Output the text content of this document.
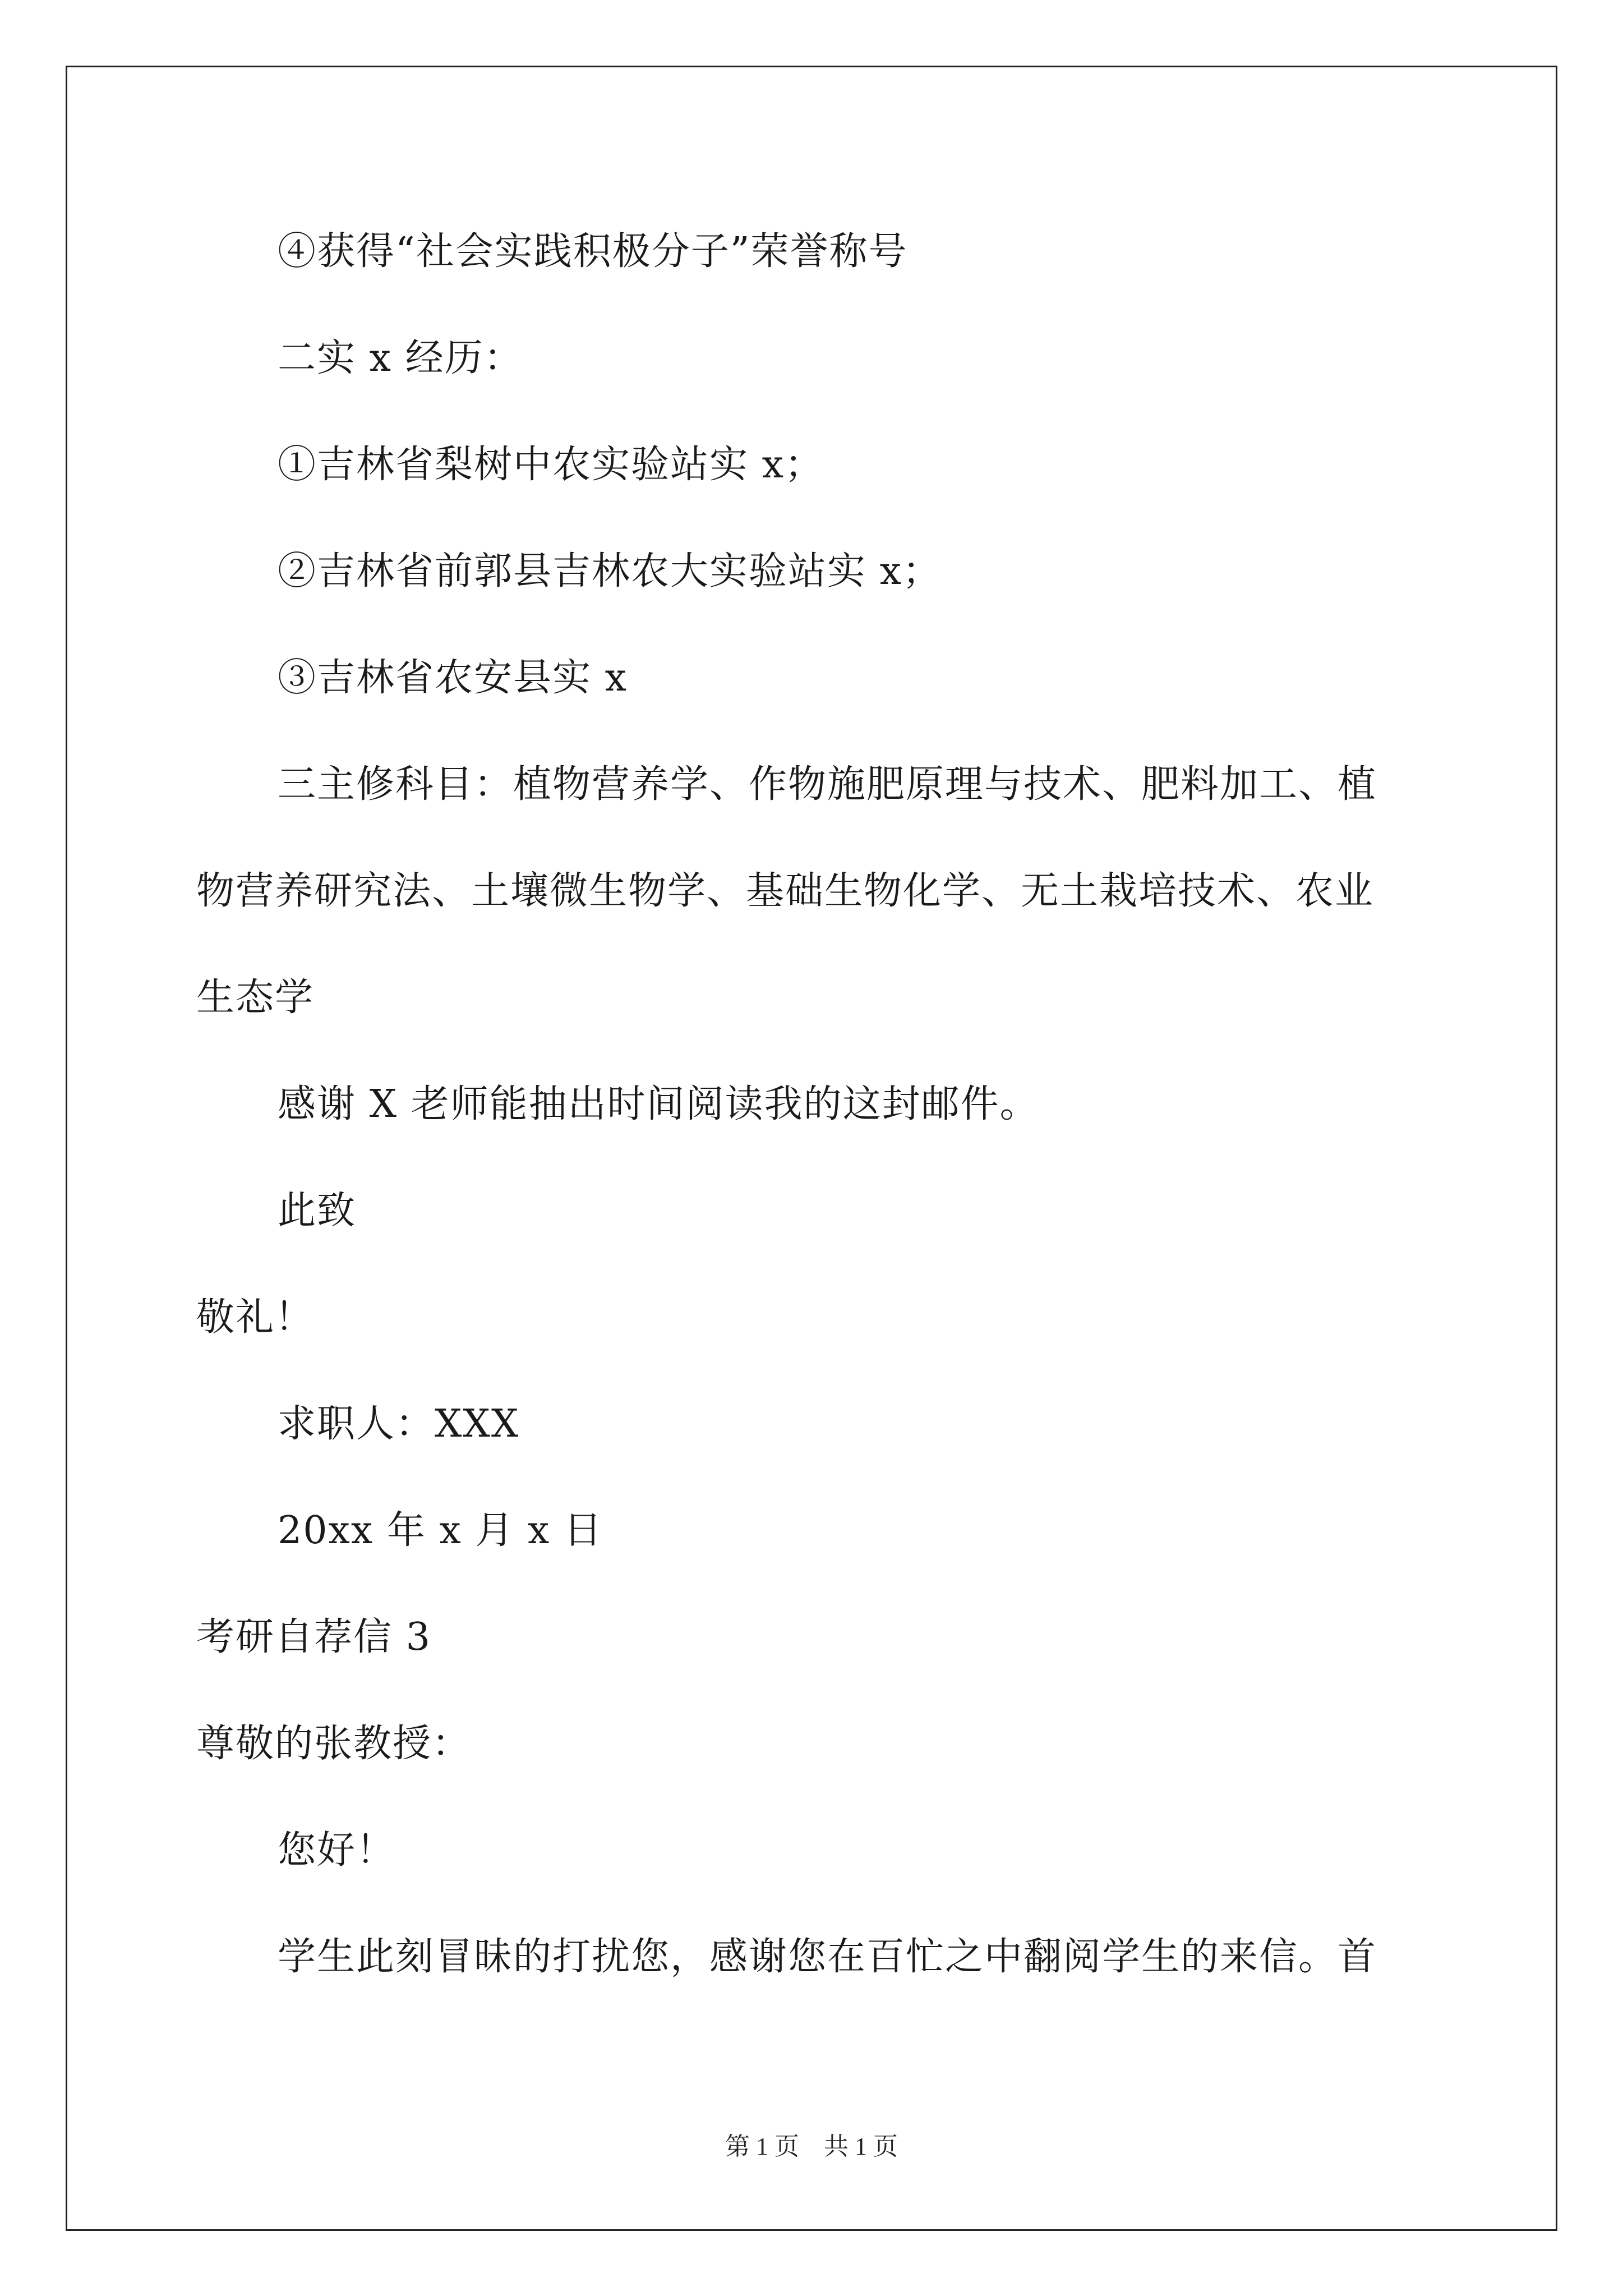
④获得“社会实践积极分子”荣誉称号
二实 x 经历：
①吉林省梨树中农实验站实 x；
②吉林省前郭县吉林农大实验站实 x；
③吉林省农安县实 x
三主修科目：植物营养学、作物施肥原理与技术、肥料加工、植
物营养研究法、土壤微生物学、基础生物化学、无土栽培技术、农业
生态学
感谢 X 老师能抽出时间阅读我的这封邮件。
此致
敬礼！
求职人：XXX
20xx 年 x 月 x 日
考研自荐信 3
尊敬的张教授：
您好！
学生此刻冒昧的打扰您，感谢您在百忙之中翻阅学生的来信。首
第 1 页　共 1 页
